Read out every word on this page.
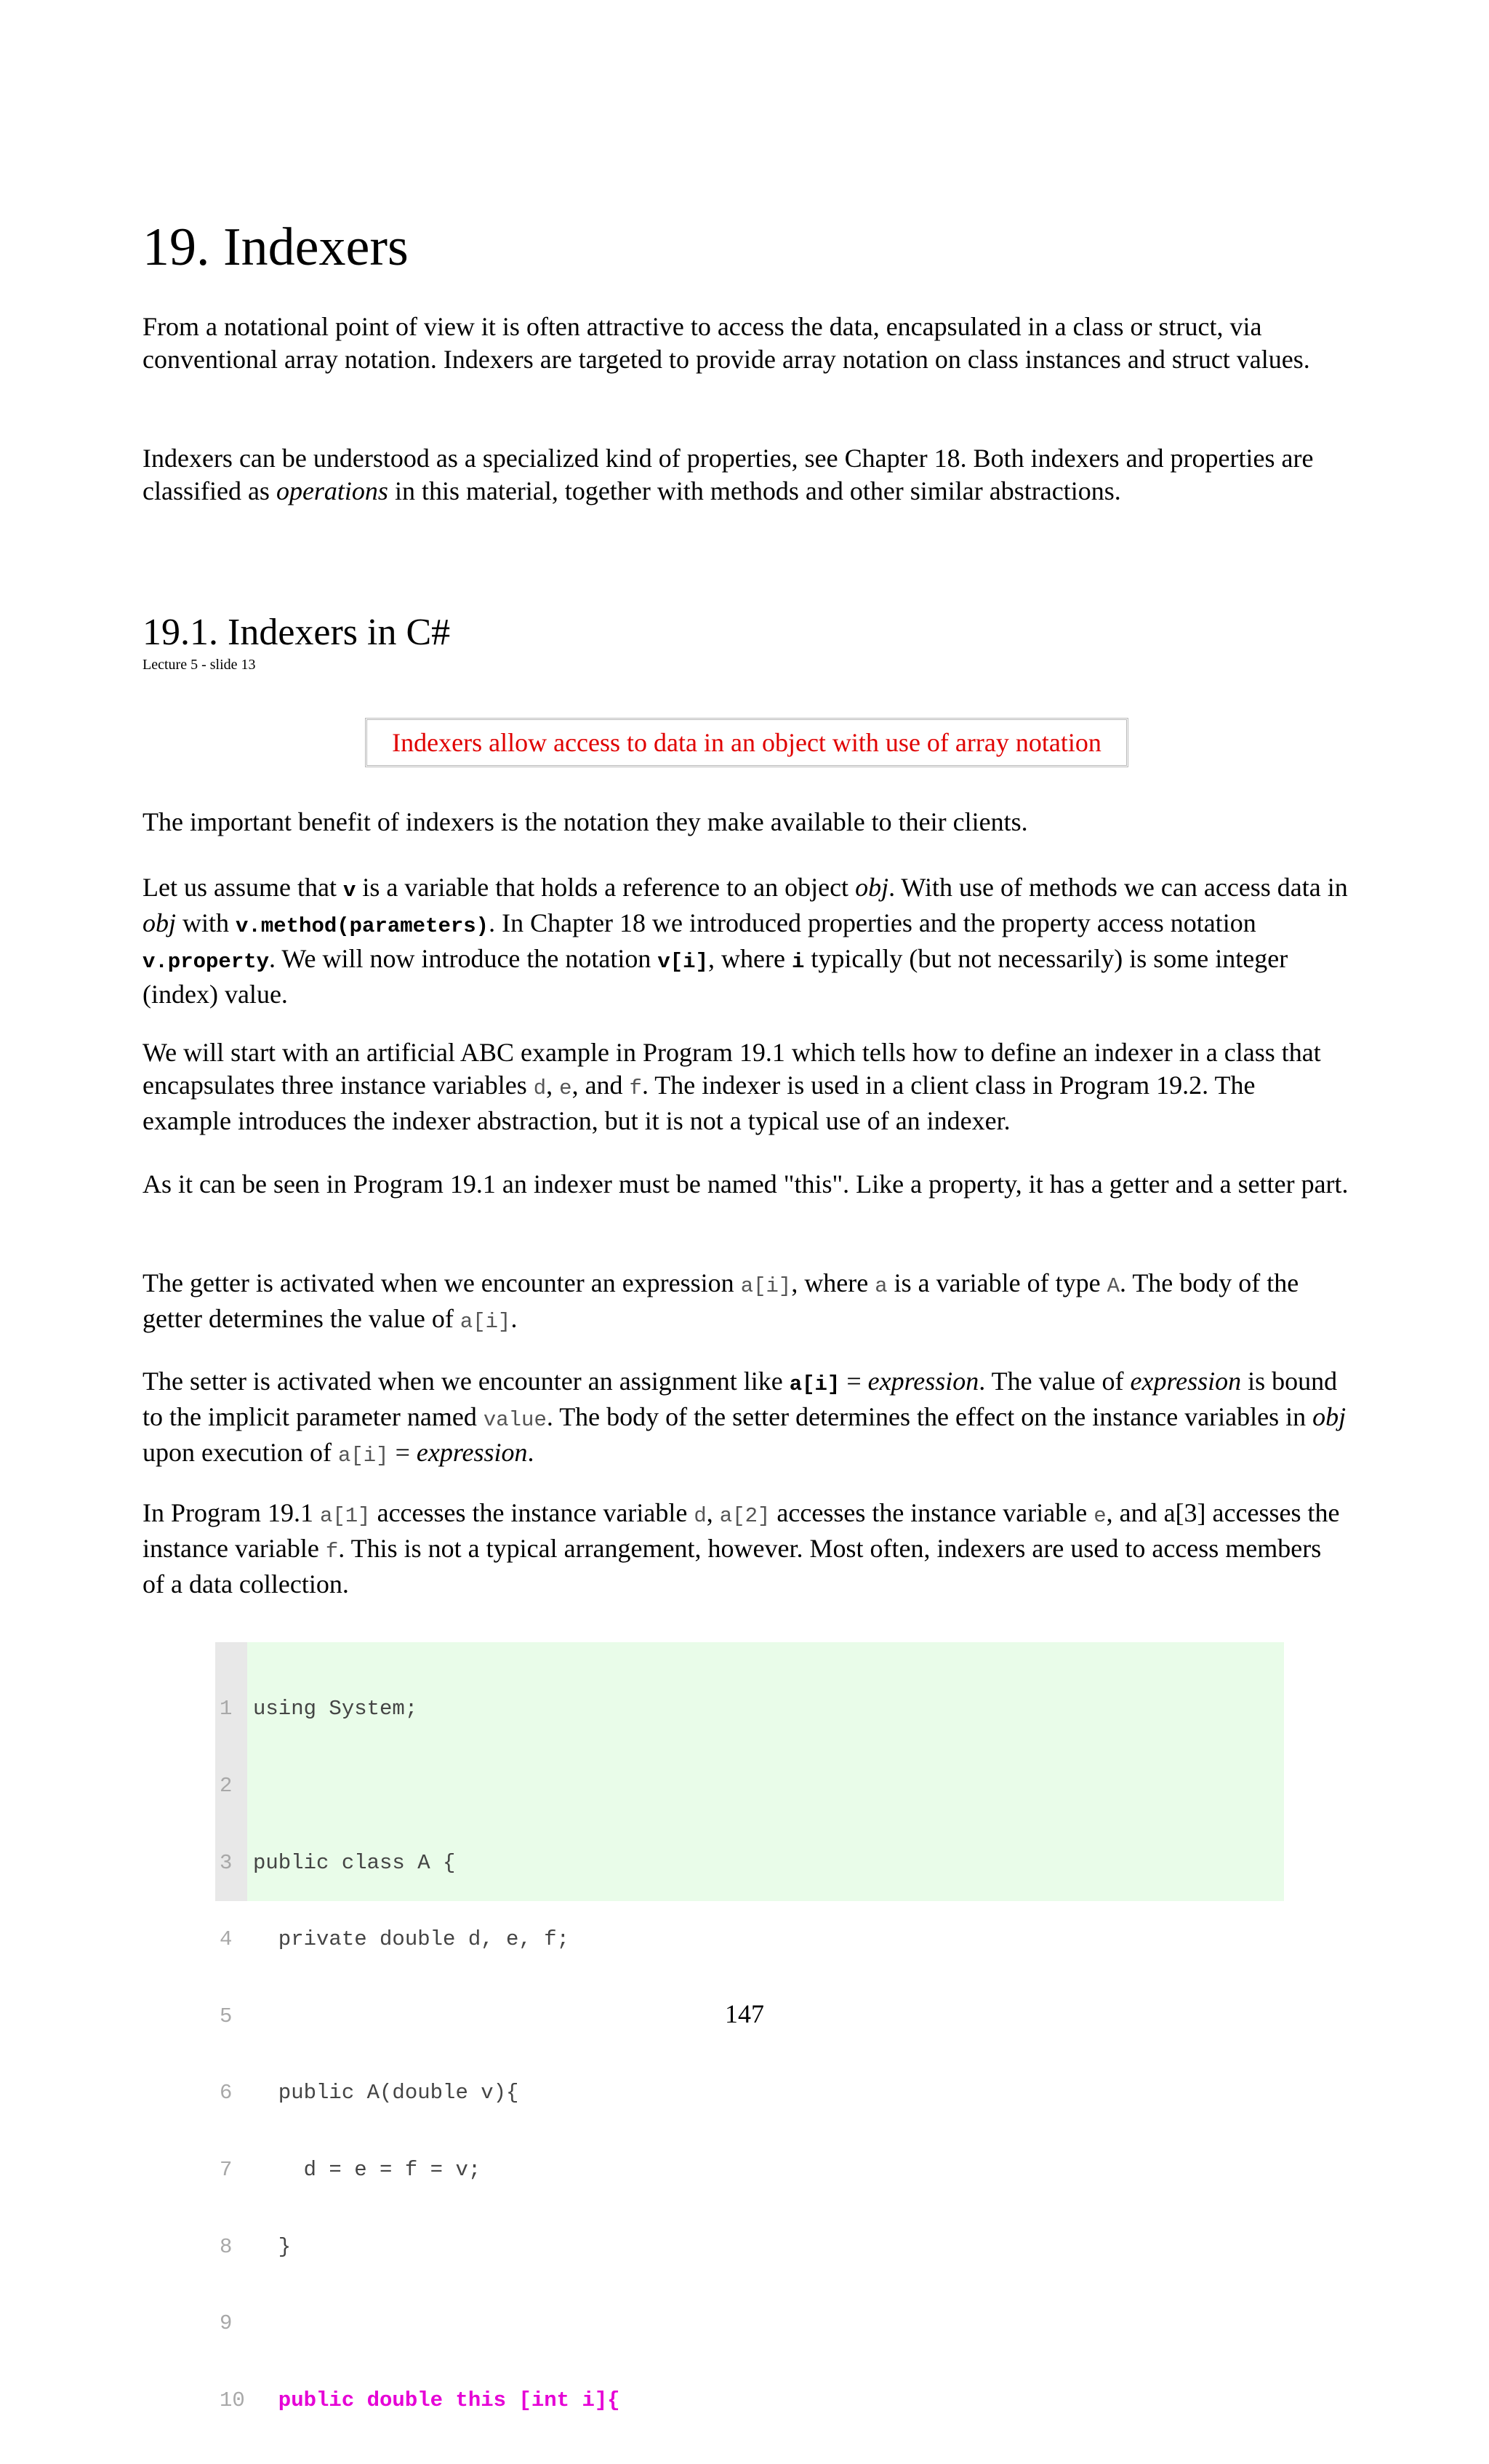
19. Indexers

From a notational point of view it is often attractive to access the data, encapsulated in a class or struct, via conventional array notation. Indexers are targeted to provide array notation on class instances and struct values.

Indexers can be understood as a specialized kind of properties, see Chapter 18. Both indexers and properties are classified as operations in this material, together with methods and other similar abstractions.

19.1. Indexers in C#
Lecture 5 - slide 13
Indexers allow access to data in an object with use of array notation

The important benefit of indexers is the notation they make available to their clients.

Let us assume that v is a variable that holds a reference to an object obj. With use of methods we can access data in obj with v.method(parameters). In Chapter 18 we introduced properties and the property access notation v.property. We will now introduce the notation v[i], where i typically (but not necessarily) is some integer (index) value.

We will start with an artificial ABC example in Program 19.1 which tells how to define an indexer in a class that encapsulates three instance variables d, e, and f. The indexer is used in a client class in Program 19.2. The example introduces the indexer abstraction, but it is not a typical use of an indexer.

As it can be seen in Program 19.1 an indexer must be named "this". Like a property, it has a getter and a setter part.

The getter is activated when we encounter an expression a[i], where a is a variable of type A. The body of the getter determines the value of a[i].

The setter is activated when we encounter an assignment like a[i] = expression. The value of expression is bound to the implicit parameter named value. The body of the setter determines the effect on the instance variables in obj upon execution of a[i] = expression.

In Program 19.1 a[1] accesses the instance variable d, a[2] accesses the instance variable e, and a[3] accesses the instance variable f. This is not a typical arrangement, however. Most often, indexers are used to access members of a data collection.

1

2

3

4

5

6

7

8

9

10

using System;

public class A {

private double d, e, f;

public A(double v){

d = e = f = v;

}

public double this [int i]{

147
